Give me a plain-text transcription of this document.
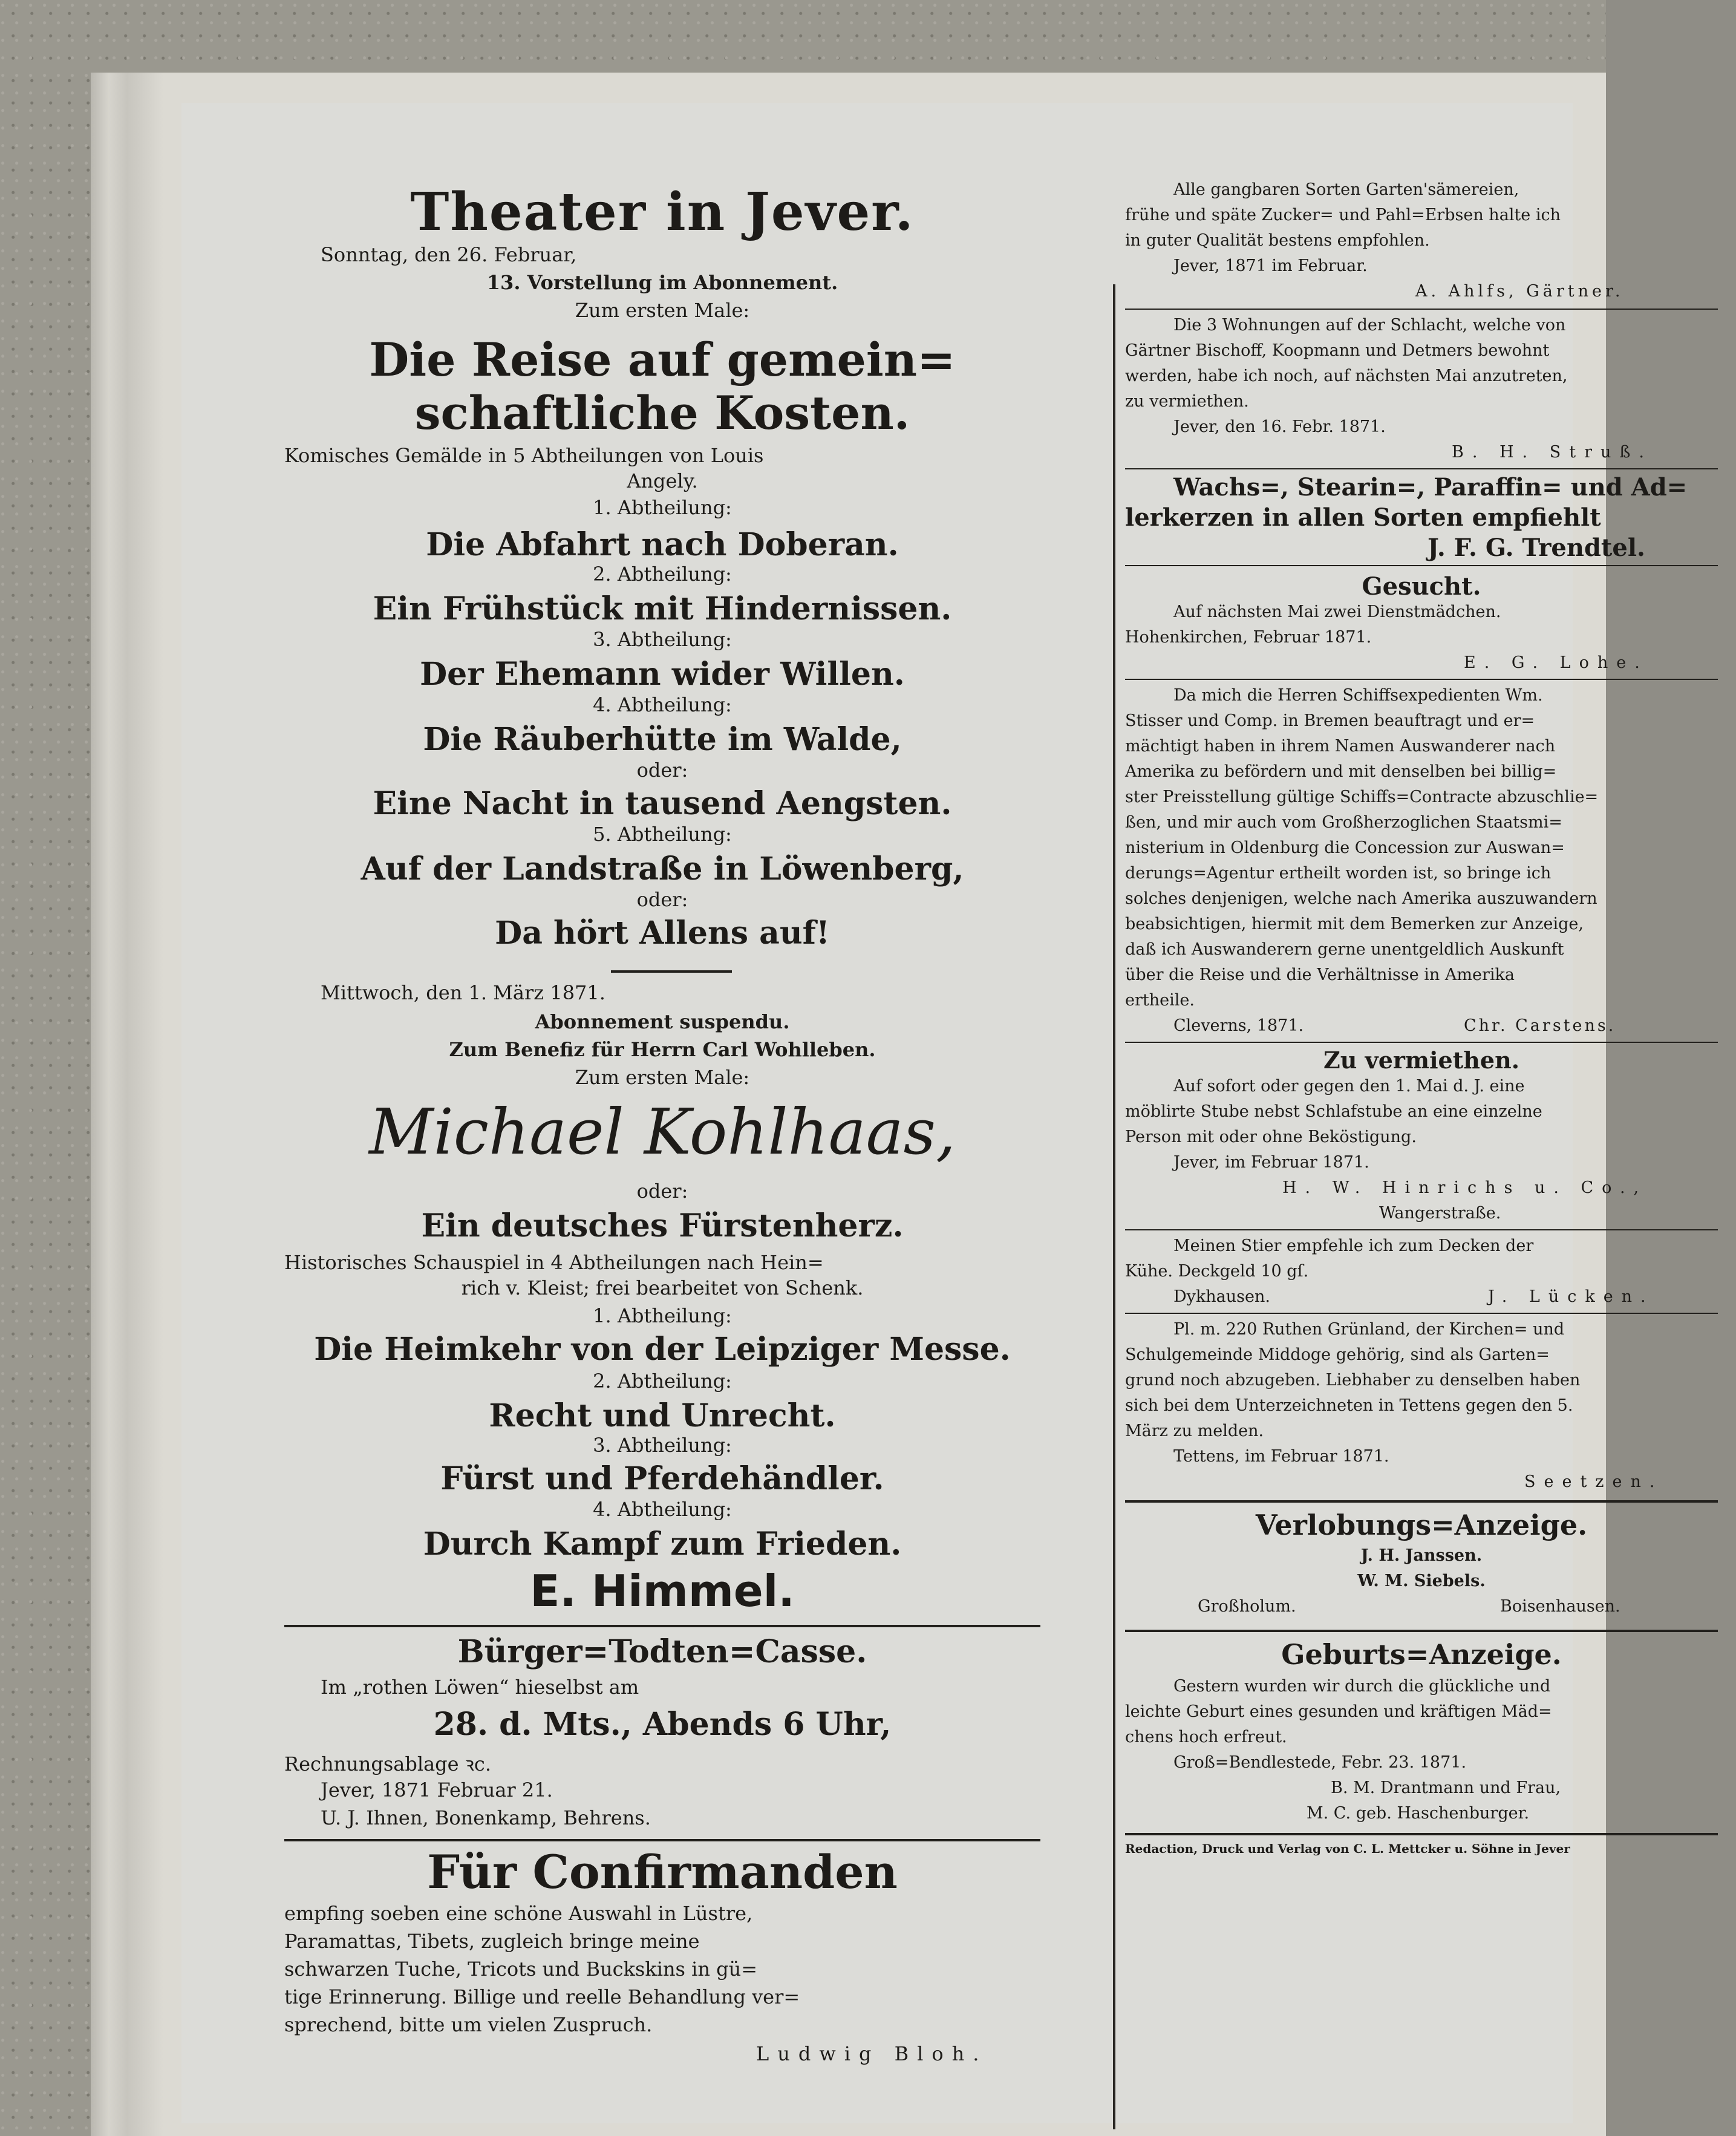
Theater in Jever.
Sonntag, den 26. Februar,
13. Vorstellung im Abonnement.
Zum ersten Male:
Die Reise auf gemein=
schaftliche Kosten.
Komisches Gemälde in 5 Abtheilungen von Louis
Angely.
1. Abtheilung:
Die Abfahrt nach Doberan.
2. Abtheilung:
Ein Frühstück mit Hindernissen.
3. Abtheilung:
Der Ehemann wider Willen.
4. Abtheilung:
Die Räuberhütte im Walde,
oder:
Eine Nacht in tausend Aengsten.
5. Abtheilung:
Auf der Landstraße in Löwenberg,
oder:
Da hört Allens auf!
Mittwoch, den 1. März 1871.
Abonnement suspendu.
Zum Benefiz für Herrn Carl Wohlleben.
Zum ersten Male:
Michael Kohlhaas,
oder:
Ein deutsches Fürstenherz.
Historisches Schauspiel in 4 Abtheilungen nach Hein=
rich v. Kleist; frei bearbeitet von Schenk.
1. Abtheilung:
Die Heimkehr von der Leipziger Messe.
2. Abtheilung:
Recht und Unrecht.
3. Abtheilung:
Fürst und Pferdehändler.
4. Abtheilung:
Durch Kampf zum Frieden.
E. Himmel.
Bürger=Todten=Casse.
Im „rothen Löwen“ hieselbst am
28. d. Mts., Abends 6 Uhr,
Rechnungsablage ꝛc.
Jever, 1871 Februar 21.
U. J. Ihnen, Bonenkamp, Behrens.
Für Confirmanden
empfing soeben eine schöne Auswahl in Lüstre,
Paramattas, Tibets, zugleich bringe meine
schwarzen Tuche, Tricots und Buckskins in gü=
tige Erinnerung. Billige und reelle Behandlung ver=
sprechend, bitte um vielen Zuspruch.
Ludwig Bloh.
Alle gangbaren Sorten Garten'sämereien,
frühe und späte Zucker= und Pahl=Erbsen halte ich
in guter Qualität bestens empfohlen.
Jever, 1871 im Februar.
A. Ahlfs, Gärtner.
Die 3 Wohnungen auf der Schlacht, welche von
Gärtner Bischoff, Koopmann und Detmers bewohnt
werden, habe ich noch, auf nächsten Mai anzutreten,
zu vermiethen.
Jever, den 16. Febr. 1871.
B. H. Struß.
Wachs=, Stearin=, Paraffin= und Ad=
lerkerzen in allen Sorten empfiehlt
J. F. G. Trendtel.
Gesucht.
Auf nächsten Mai zwei Dienstmädchen.
Hohenkirchen, Februar 1871.
E. G. Lohe.
Da mich die Herren Schiffsexpedienten Wm.
Stisser und Comp. in Bremen beauftragt und er=
mächtigt haben in ihrem Namen Auswanderer nach
Amerika zu befördern und mit denselben bei billig=
ster Preisstellung gültige Schiffs=Contracte abzuschlie=
ßen, und mir auch vom Großherzoglichen Staatsmi=
nisterium in Oldenburg die Concession zur Auswan=
derungs=Agentur ertheilt worden ist, so bringe ich
solches denjenigen, welche nach Amerika auszuwandern
beabsichtigen, hiermit mit dem Bemerken zur Anzeige,
daß ich Auswanderern gerne unentgeldlich Auskunft
über die Reise und die Verhältnisse in Amerika
ertheile.
Cleverns, 1871.	Chr. Carstens.
Zu vermiethen.
Auf sofort oder gegen den 1. Mai d. J. eine
möblirte Stube nebst Schlafstube an eine einzelne
Person mit oder ohne Beköstigung.
Jever, im Februar 1871.
H. W. Hinrichs u. Co.,
Wangerstraße.
Meinen Stier empfehle ich zum Decken der
Kühe. Deckgeld 10 gſ.
Dykhausen.	J. Lücken.
Pl. m. 220 Ruthen Grünland, der Kirchen= und
Schulgemeinde Middoge gehörig, sind als Garten=
grund noch abzugeben. Liebhaber zu denselben haben
sich bei dem Unterzeichneten in Tettens gegen den 5.
März zu melden.
Tettens, im Februar 1871.
Seetzen.
Verlobungs=Anzeige.
J. H. Janssen.
W. M. Siebels.
Großholum.	Boisenhausen.
Geburts=Anzeige.
Gestern wurden wir durch die glückliche und
leichte Geburt eines gesunden und kräftigen Mäd=
chens hoch erfreut.
Groß=Bendlestede, Febr. 23. 1871.
B. M. Drantmann und Frau,
M. C. geb. Haschenburger.
Redaction, Druck und Verlag von C. L. Mettcker u. Söhne in Jever
